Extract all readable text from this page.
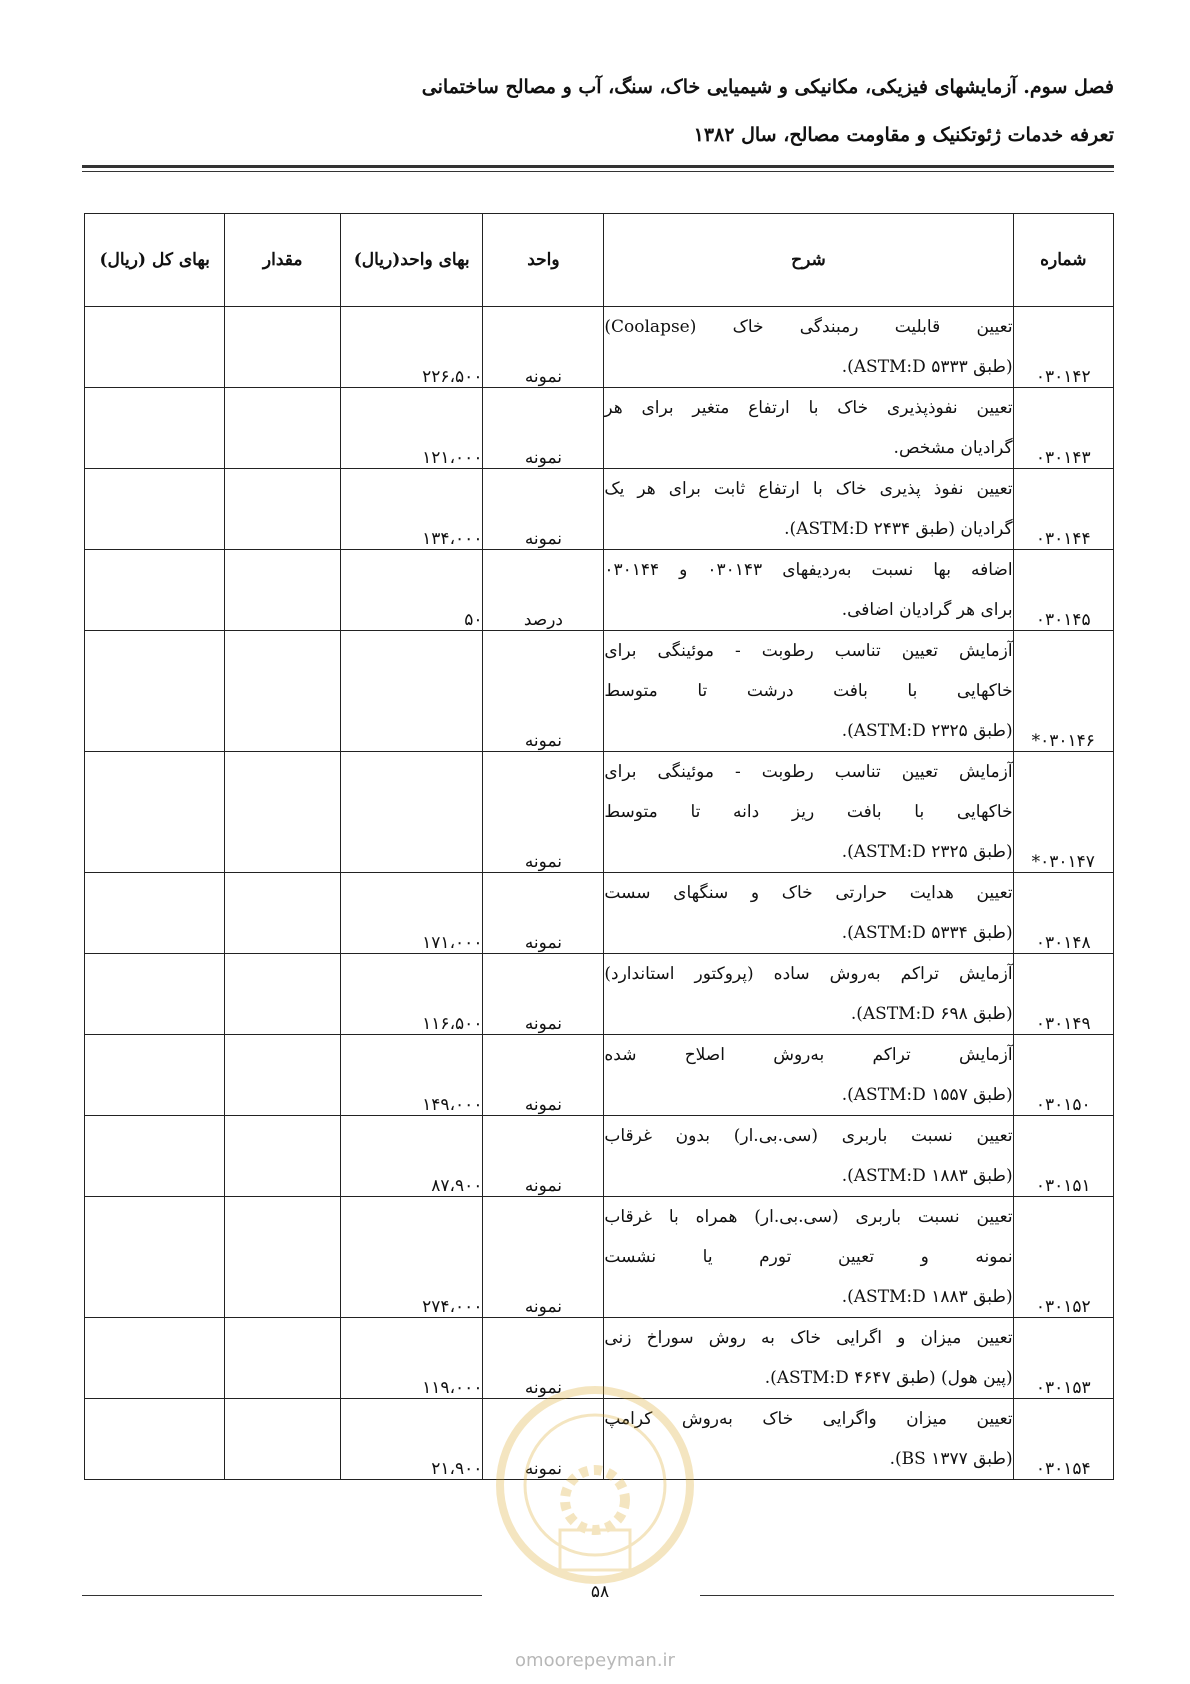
فصل سوم. آزمایشهای فیزیکی، مکانیکی و شیمیایی خاک، سنگ، آب و مصالح ساختمانی
تعرفه خدمات ژئوتکنیک و مقاومت مصالح، سال ۱۳۸۲
شماره	شرح	واحد	بهای واحد(ریال)	مقدار	بهای کل (ریال)
۰۳۰۱۴۲	تعیین قابلیت رمبندگی خاک (Coolapse)
(طبق ASTM:D ۵۳۳۳).	نمونه	۲۲۶،۵۰۰		
۰۳۰۱۴۳	تعیین نفوذپذیری خاک با ارتفاع متغیر برای هر
گرادیان مشخص.	نمونه	۱۲۱،۰۰۰		
۰۳۰۱۴۴	تعیین نفوذ پذیری خاک با ارتفاع ثابت برای هر یک
گرادیان (طبق ASTM:D ۲۴۳۴).	نمونه	۱۳۴،۰۰۰		
۰۳۰۱۴۵	اضافه بها نسبت به‌ردیفهای ۰۳۰۱۴۳ و ۰۳۰۱۴۴
برای هر گرادیان اضافی.	درصد	۵۰		
۰۳۰۱۴۶*	آزمایش تعیین تناسب رطوبت - موئینگی برای
خاکهایی با بافت درشت تا متوسط
(طبق ASTM:D ۲۳۲۵).	نمونه			
۰۳۰۱۴۷*	آزمایش تعیین تناسب رطوبت - موئینگی برای
خاکهایی با بافت ریز دانه تا متوسط
(طبق ASTM:D ۲۳۲۵).	نمونه			
۰۳۰۱۴۸	تعیین هدایت حرارتی خاک و سنگهای سست
(طبق ASTM:D ۵۳۳۴).	نمونه	۱۷۱،۰۰۰		
۰۳۰۱۴۹	آزمایش تراکم به‌روش ساده (پروکتور استاندارد)
(طبق ASTM:D ۶۹۸).	نمونه	۱۱۶،۵۰۰		
۰۳۰۱۵۰	آزمایش تراکم به‌روش اصلاح شده
(طبق ASTM:D ۱۵۵۷).	نمونه	۱۴۹،۰۰۰		
۰۳۰۱۵۱	تعیین نسبت باربری (سی.بی.ار) بدون غرقاب
(طبق ASTM:D ۱۸۸۳).	نمونه	۸۷،۹۰۰		
۰۳۰۱۵۲	تعیین نسبت باربری (سی.بی.ار) همراه با غرقاب
نمونه و تعیین تورم یا نشست
(طبق ASTM:D ۱۸۸۳).	نمونه	۲۷۴،۰۰۰		
۰۳۰۱۵۳	تعیین میزان و اگرایی خاک به روش سوراخ زنی
(پین هول) (طبق ASTM:D ۴۶۴۷).	نمونه	۱۱۹،۰۰۰		
۰۳۰۱۵۴	تعیین میزان واگرایی خاک به‌روش کرامپ
(طبق BS ۱۳۷۷).	نمونه	۲۱،۹۰۰		
۵۸
omoorepeyman.ir
